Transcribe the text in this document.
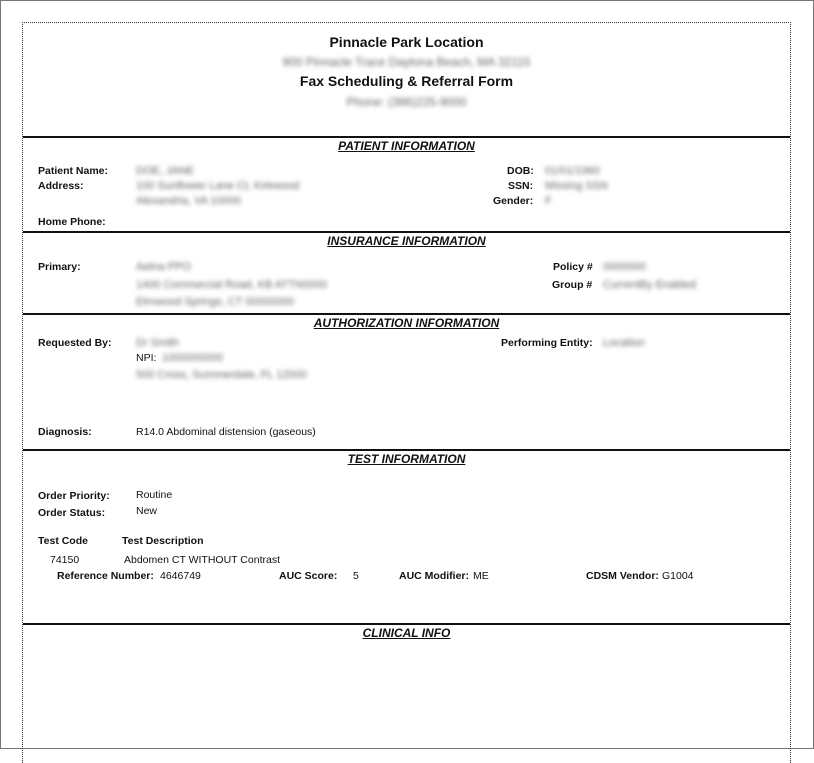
Pinnacle Park Location
900 Pinnacle Trace Daytona Beach, MA 32115
Fax Scheduling & Referral Form
Phone: (386)225-9000
PATIENT INFORMATION
Patient Name:	DOE, JANE
Address:	100 Sunflower Lane Ct, Kirkwood
Alexandria, VA 10000
Home Phone:
DOB: 01/01/1960
SSN: Missing SSN
Gender: F
INSURANCE INFORMATION
Primary:	Aetna PPO
1400 Commercial Road, KB ATTN0000
Elmwood Springs, CT 00000000
Policy # 0000000
Group # CurrentBy Enabled
AUTHORIZATION INFORMATION
Requested By: Dr Smith
NPI: 1000000000
500 Cross, Summerdale, FL 12000
Performing Entity: Location
Diagnosis:	R14.0 Abdominal distension (gaseous)
TEST INFORMATION
Order Priority: Routine
Order Status:	New
Test Code	Test Description
74150	Abdomen CT WITHOUT Contrast
Reference Number: 4646749	AUC Score: 5	AUC Modifier: ME	CDSM Vendor: G1004
CLINICAL INFO
